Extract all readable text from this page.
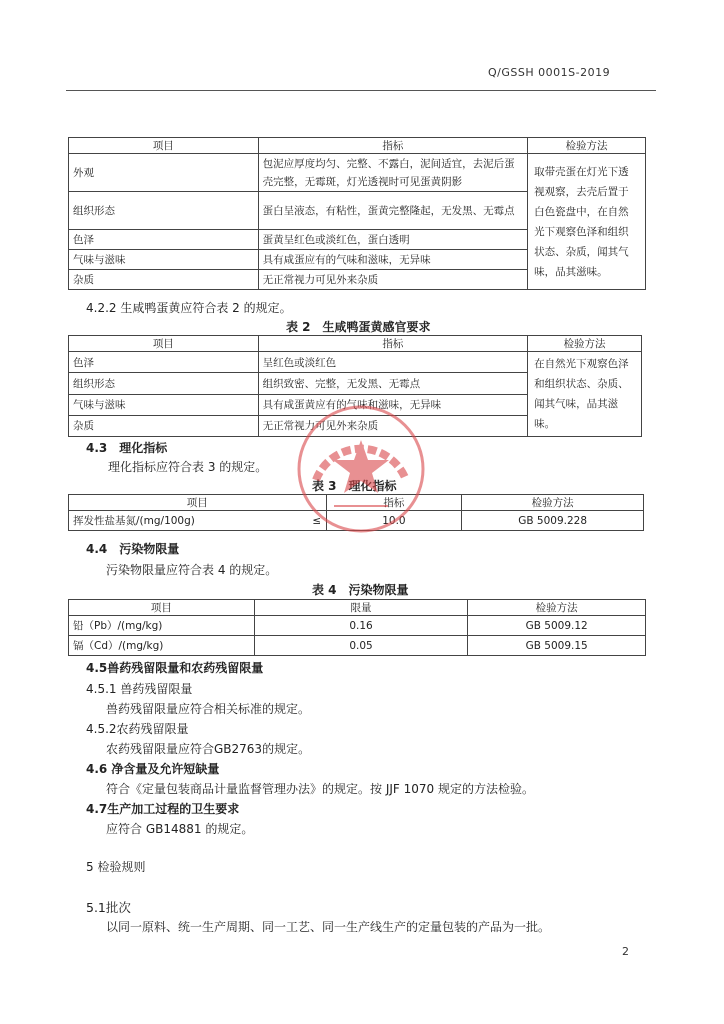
Q/GSSH 0001S-2019
项目	指标	检验方法
外观	包泥应厚度均匀、完整、不露白，泥间适宜，去泥后蛋壳完整，无霉斑，灯光透视时可见蛋黄阴影	取带壳蛋在灯光下透视观察，去壳后置于白色瓷盘中，在自然光下观察色泽和组织状态、杂质，闻其气味，品其滋味。
组织形态	蛋白呈液态，有粘性，蛋黄完整隆起，无发黑、无霉点	
色泽	蛋黄呈红色或淡红色，蛋白透明	
气味与滋味	具有咸蛋应有的气味和滋味，无异味	
杂质	无正常视力可见外来杂质	
4.2.2 生咸鸭蛋黄应符合表 2 的规定。
表 2　生咸鸭蛋黄感官要求
项目	指标	检验方法
色泽	呈红色或淡红色	在自然光下观察色泽和组织状态、杂质、闻其气味，品其滋味。
组织形态	组织致密、完整，无发黑、无霉点	
气味与滋味	具有咸蛋黄应有的气味和滋味，无异味	
杂质	无正常视力可见外来杂质	
4.3　理化指标
理化指标应符合表 3 的规定。
表 3　理化指标
项目		指标	检验方法
挥发性盐基氮/(mg/100g)	≤	10.0	GB 5009.228
4.4　污染物限量
污染物限量应符合表 4 的规定。
表 4　污染物限量
项目	限量	检验方法
铅（Pb）/(mg/kg)	0.16	GB 5009.12
镉（Cd）/(mg/kg)	0.05	GB 5009.15
4.5兽药残留限量和农药残留限量
4.5.1 兽药残留限量
兽药残留限量应符合相关标准的规定。
4.5.2农药残留限量
农药残留限量应符合GB2763的规定。
4.6 净含量及允许短缺量
符合《定量包装商品计量监督管理办法》的规定。按 JJF 1070 规定的方法检验。
4.7生产加工过程的卫生要求
应符合 GB14881 的规定。
5 检验规则
5.1批次
以同一原料、统一生产周期、同一工艺、同一生产线生产的定量包装的产品为一批。
2
